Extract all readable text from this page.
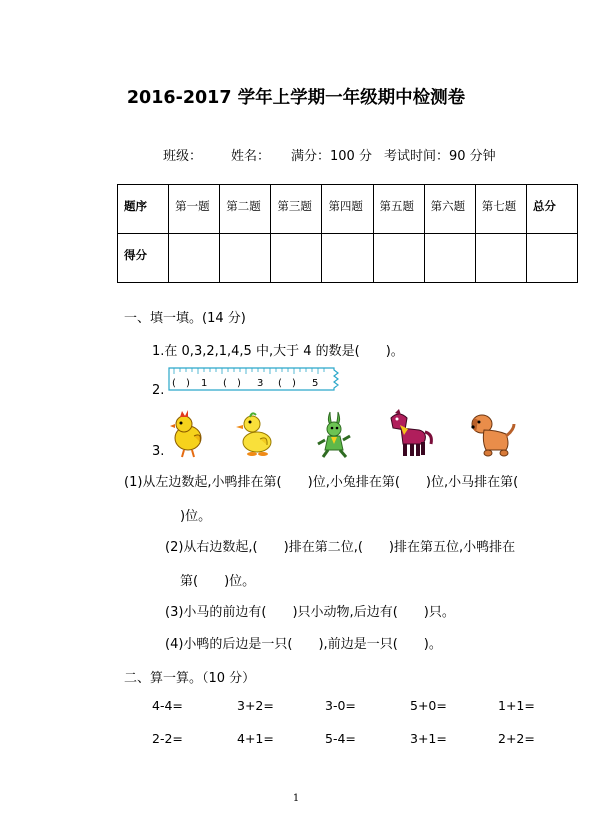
2016-2017 学年上学期一年级期中检测卷
班级： 姓名： 满分：100 分 考试时间：90 分钟
题序	第一题	第二题	第三题	第四题	第五题	第六题	第七题	总分
得分								
一、填一填。(14 分)
1.在 0,3,2,1,4,5 中,大于 4 的数是(　　)。
2. ( ) 1 ( ) 3 ( ) 5
3.
(1)从左边数起,小鸭排在第(　　)位,小兔排在第(　　)位,小马排在第(
)位。
(2)从右边数起,(　　)排在第二位,(　　)排在第五位,小鸭排在
第(　　)位。
(3)小马的前边有(　　)只小动物,后边有(　　)只。
(4)小鸭的后边是一只(　　),前边是一只(　　)。
二、算一算。（10 分）
4-4=	3+2=	3-0=	5+0=	1+1=
2-2=	4+1=	5-4=	3+1=	2+2=
1
